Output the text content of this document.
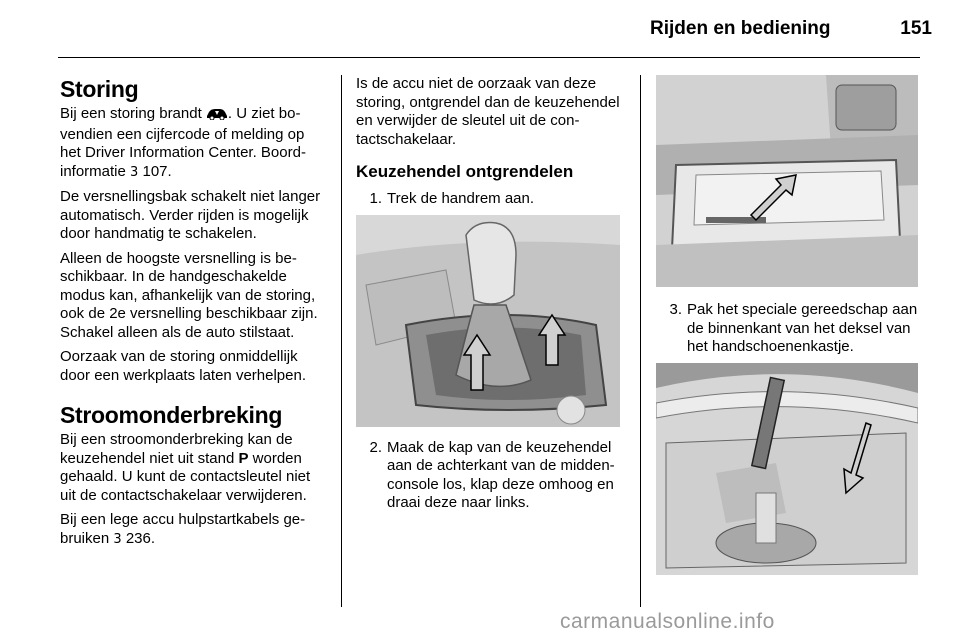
Rijden en bediening	151
Storing

Bij een storing brandt . U ziet bovendien een cijfercode of melding op het Driver Information Center. Boordinformatie 3 107.

De versnellingsbak schakelt niet langer automatisch. Verder rijden is mogelijk door handmatig te schakelen.

Alleen de hoogste versnelling is beschikbaar. In de handgeschakelde modus kan, afhankelijk van de storing, ook de 2e versnelling beschikbaar zijn. Schakel alleen als de auto stilstaat.

Oorzaak van de storing onmiddellijk door een werkplaats laten verhelpen.

Stroomonderbreking

Bij een stroomonderbreking kan de keuzehendel niet uit stand P worden gehaald. U kunt de contactsleutel niet uit de contactschakelaar verwijderen.

Bij een lege accu hulpstartkabels gebruiken 3 236.

Is de accu niet de oorzaak van deze storing, ontgrendel dan de keuzehendel en verwijder de sleutel uit de contactschakelaar.

Keuzehendel ontgrendelen
1. Trek de handrem aan.
2. Maak de kap van de keuzehendel aan de achterkant van de middenconsole los, klap deze omhoog en draai deze naar links.
3. Pak het speciale gereedschap aan de binnenkant van het deksel van het handschoenenkastje.
carmanualsonline.info
